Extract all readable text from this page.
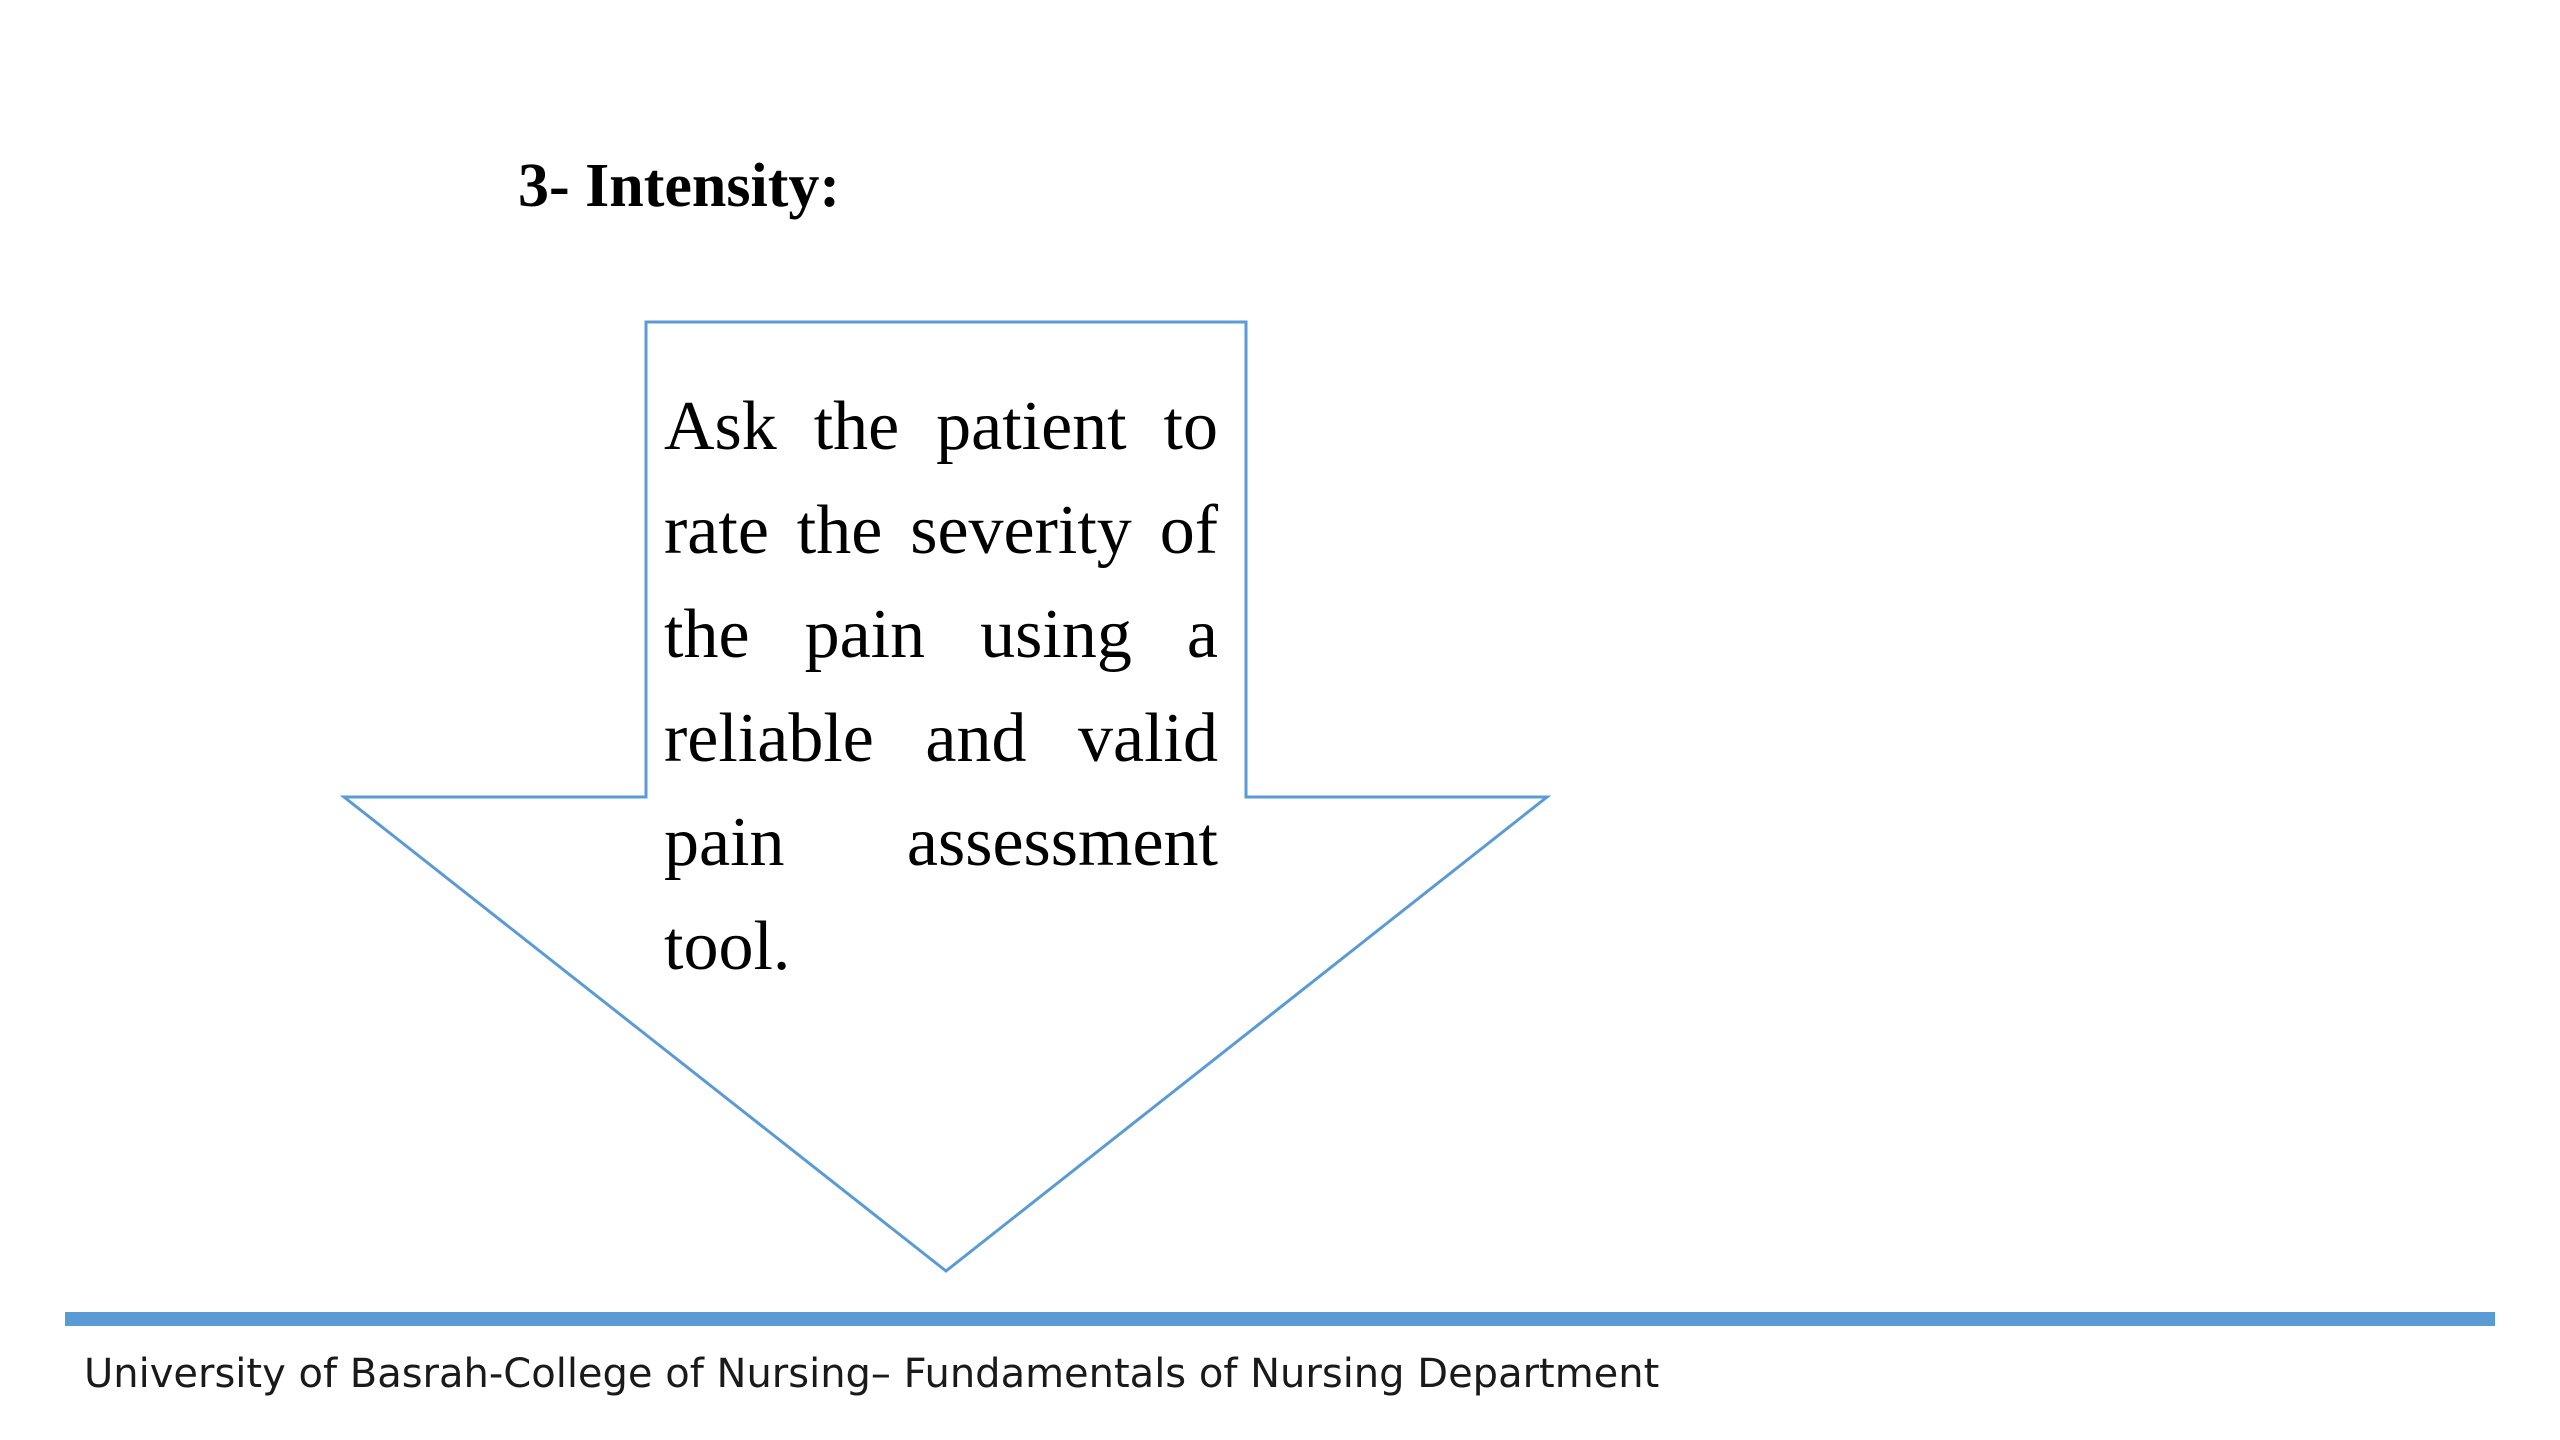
3- Intensity:
Ask the patient to rate the severity of the pain using a reliable and valid pain assessment tool.
University of Basrah-College of Nursing– Fundamentals of Nursing Department
